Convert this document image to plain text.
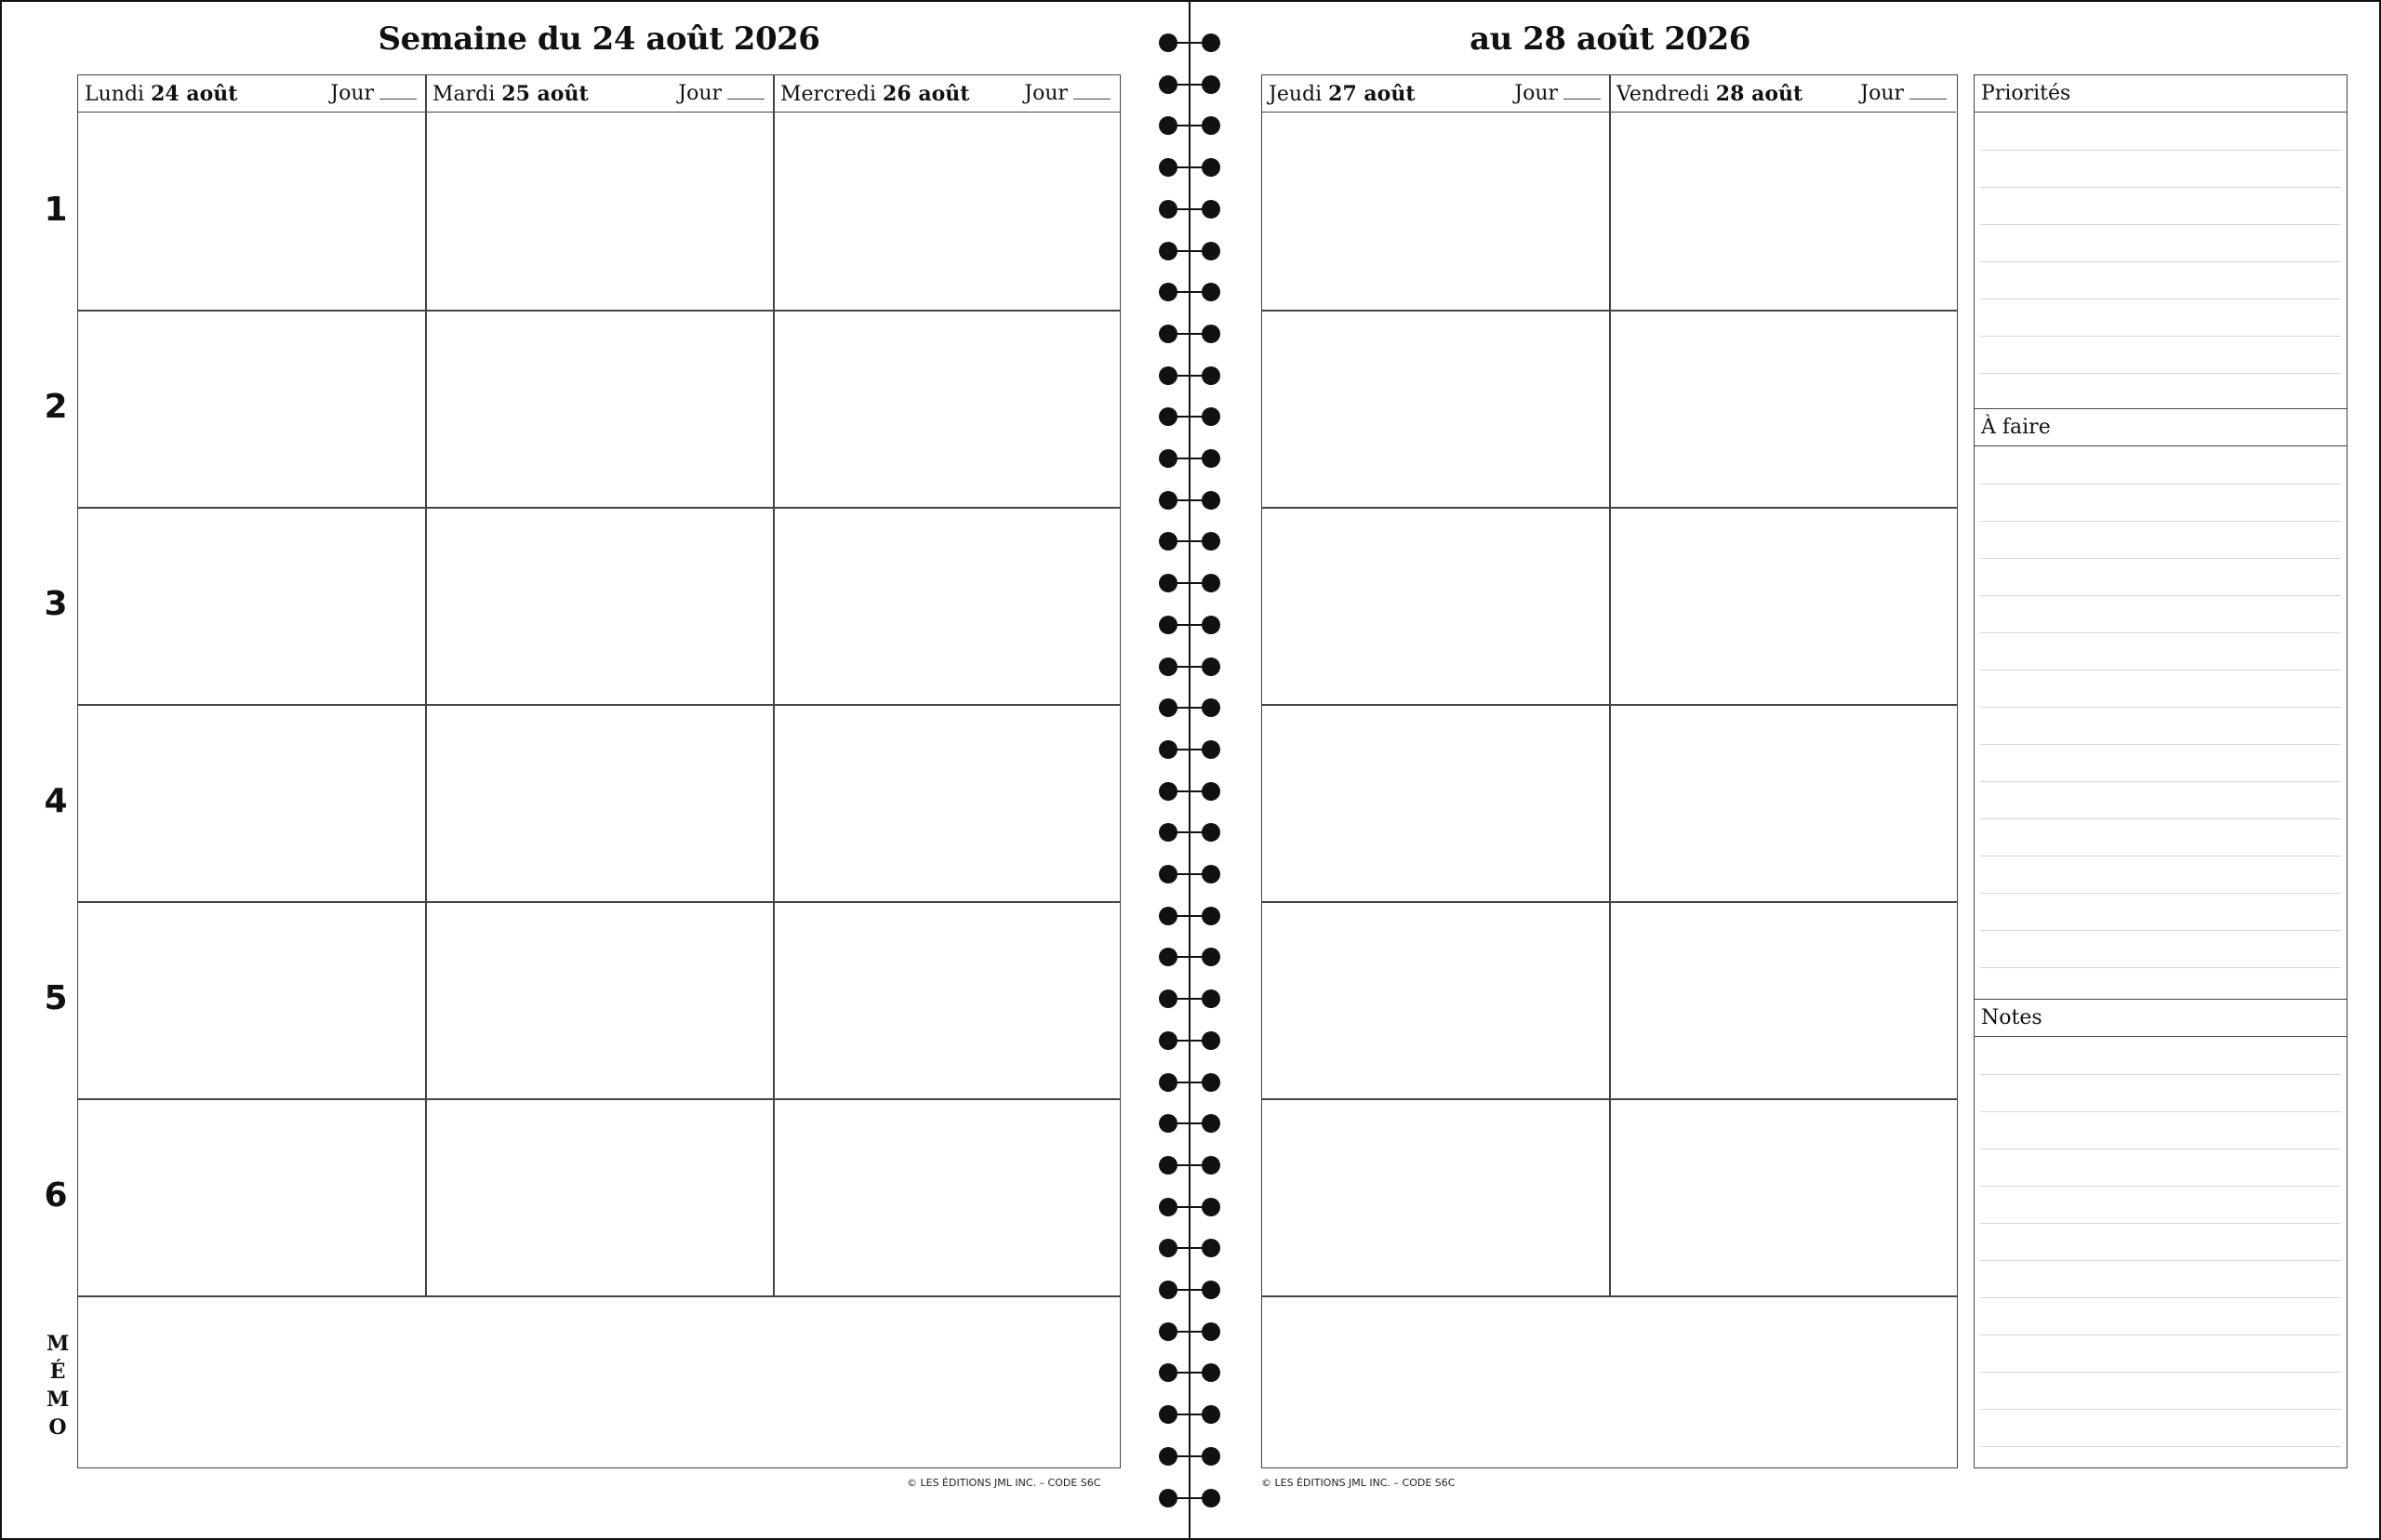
Semaine du 24 août 2026
Lundi 24 août	Jour	Mardi 25 août	Jour	Mercredi 26 août	Jour
1
2
3
4
5
6
M
É
M
O
© LES ÉDITIONS JML INC. – CODE S6C
au 28 août 2026
Jeudi 27 août	Jour	Vendredi 28 août	Jour
© LES ÉDITIONS JML INC. – CODE S6C
Priorités
À faire
Notes
